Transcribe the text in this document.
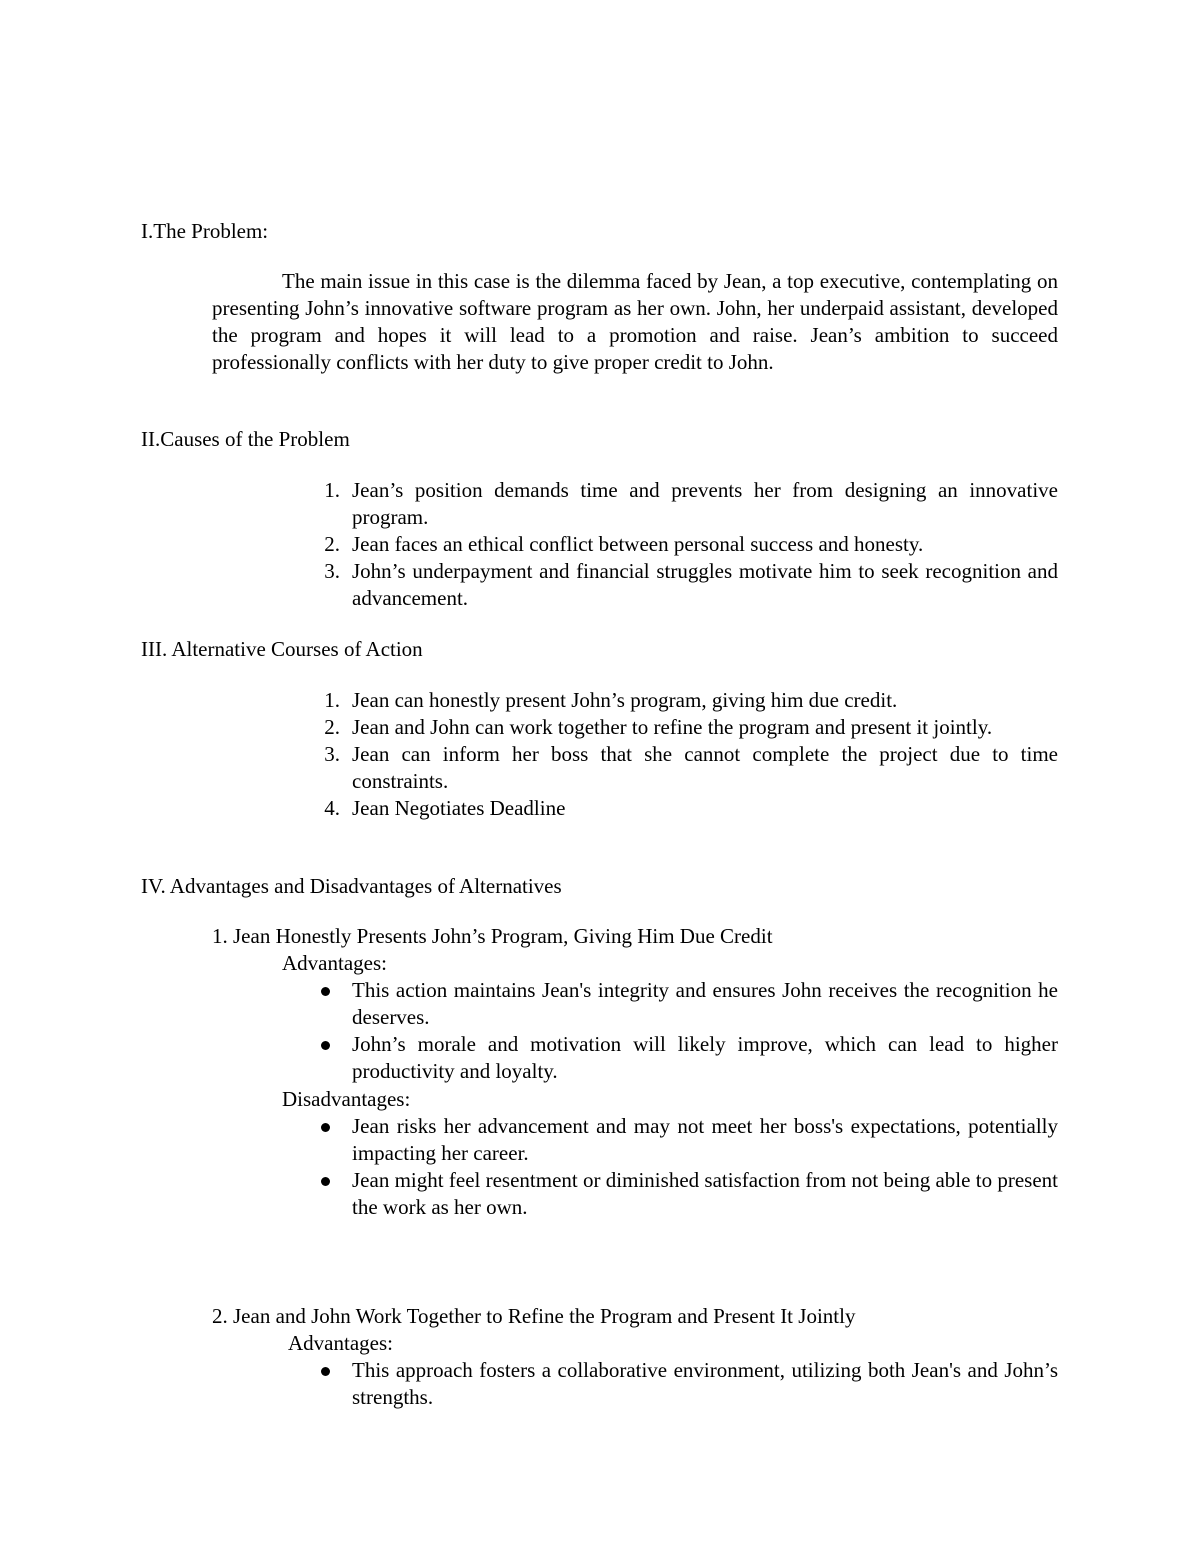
I.The Problem:
The main issue in this case is the dilemma faced by Jean, a top executive, contemplating on presenting John’s innovative software program as her own. John, her underpaid assistant, developed the program and hopes it will lead to a promotion and raise. Jean’s ambition to succeed professionally conflicts with her duty to give proper credit to John.
II.Causes of the Problem
1. Jean’s position demands time and prevents her from designing an innovative program.
2. Jean faces an ethical conflict between personal success and honesty.
3. John’s underpayment and financial struggles motivate him to seek recognition and advancement.
III. Alternative Courses of Action
1. Jean can honestly present John’s program, giving him due credit.
2. Jean and John can work together to refine the program and present it jointly.
3. Jean can inform her boss that she cannot complete the project due to time constraints.
4. Jean Negotiates Deadline
IV. Advantages and Disadvantages of Alternatives
1. Jean Honestly Presents John’s Program, Giving Him Due Credit
Advantages:
This action maintains Jean's integrity and ensures John receives the recognition he deserves.
John’s morale and motivation will likely improve, which can lead to higher productivity and loyalty.
Disadvantages:
Jean risks her advancement and may not meet her boss's expectations, potentially impacting her career.
Jean might feel resentment or diminished satisfaction from not being able to present the work as her own.
2. Jean and John Work Together to Refine the Program and Present It Jointly
Advantages:
This approach fosters a collaborative environment, utilizing both Jean's and John’s strengths.
